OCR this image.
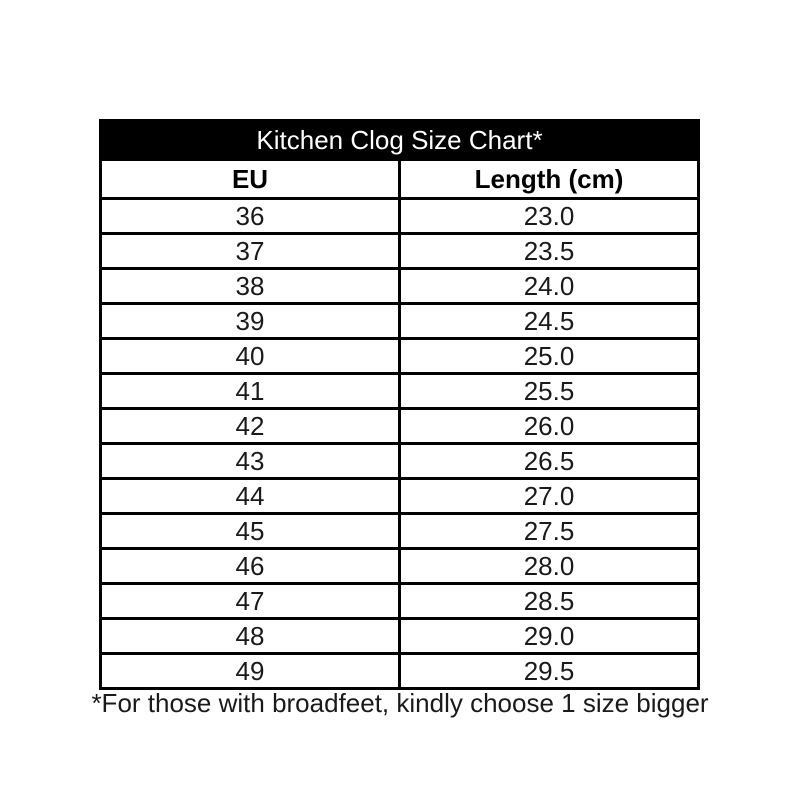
Kitchen Clog Size Chart*	
EU	Length (cm)
36	23.0
37	23.5
38	24.0
39	24.5
40	25.0
41	25.5
42	26.0
43	26.5
44	27.0
45	27.5
46	28.0
47	28.5
48	29.0
49	29.5
*For those with broadfeet, kindly choose 1 size bigger
